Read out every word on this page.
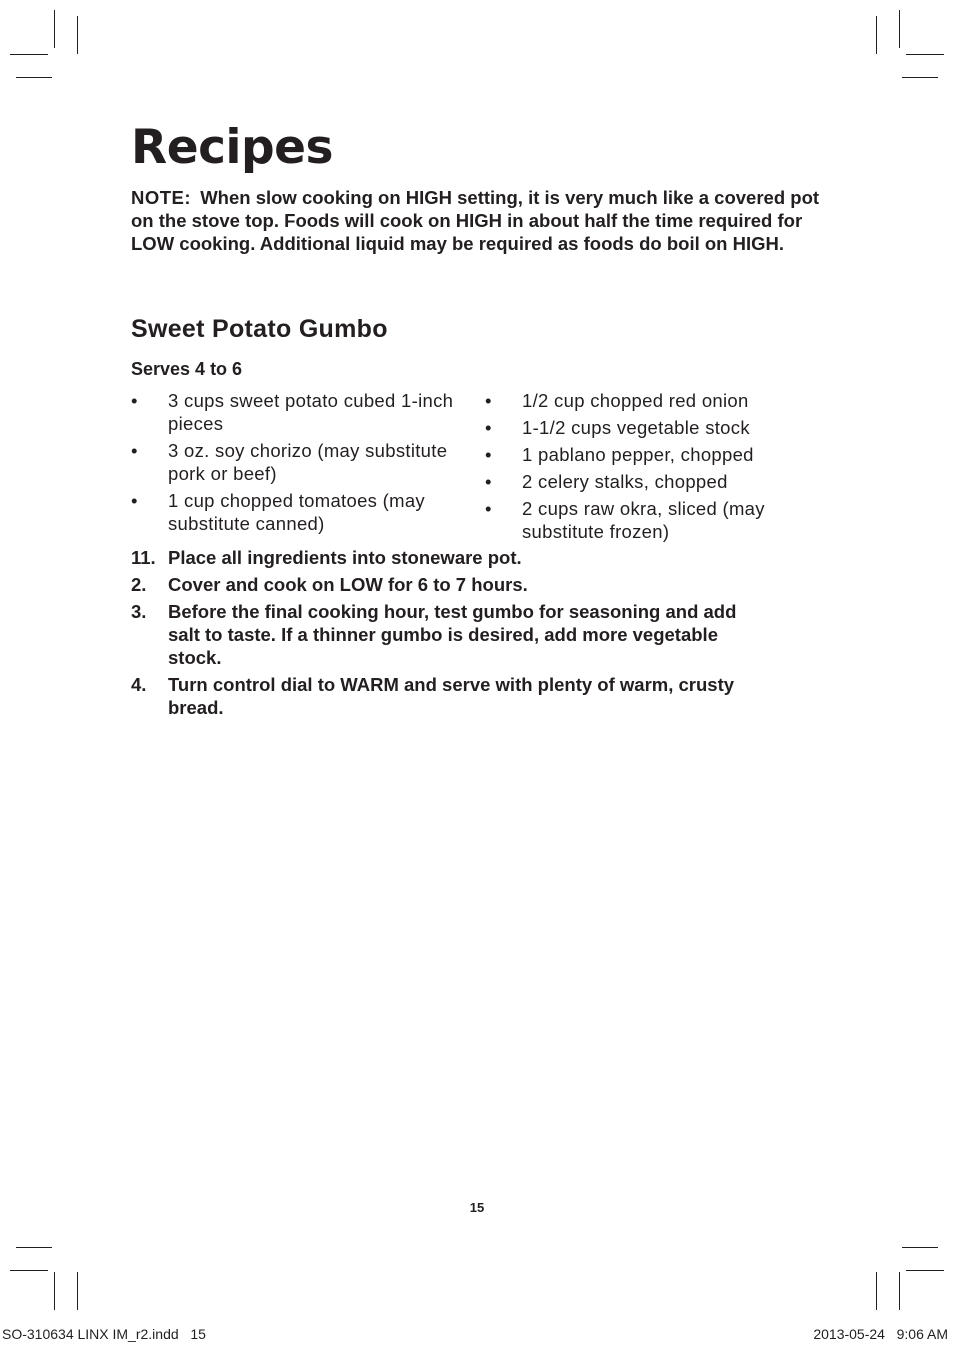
Recipes
NOTE: When slow cooking on HIGH setting, it is very much like a covered pot on the stove top. Foods will cook on HIGH in about half the time required for LOW cooking. Additional liquid may be required as foods do boil on HIGH.
Sweet Potato Gumbo
Serves 4 to 6
• 3 cups sweet potato cubed 1-inch pieces
• 3 oz. soy chorizo (may substitute pork or beef)
• 1 cup chopped tomatoes (may substitute canned)
• 1/2 cup chopped red onion
• 1-1/2 cups vegetable stock
• 1 pablano pepper, chopped
• 2 celery stalks, chopped
• 2 cups raw okra, sliced (may substitute frozen)
11. Place all ingredients into stoneware pot.
2. Cover and cook on LOW for 6 to 7 hours.
3. Before the final cooking hour, test gumbo for seasoning and add salt to taste. If a thinner gumbo is desired, add more vegetable stock.
4. Turn control dial to WARM and serve with plenty of warm, crusty bread.
15
SO-310634 LINX IM_r2.indd   15	2013-05-24   9:06 AM
